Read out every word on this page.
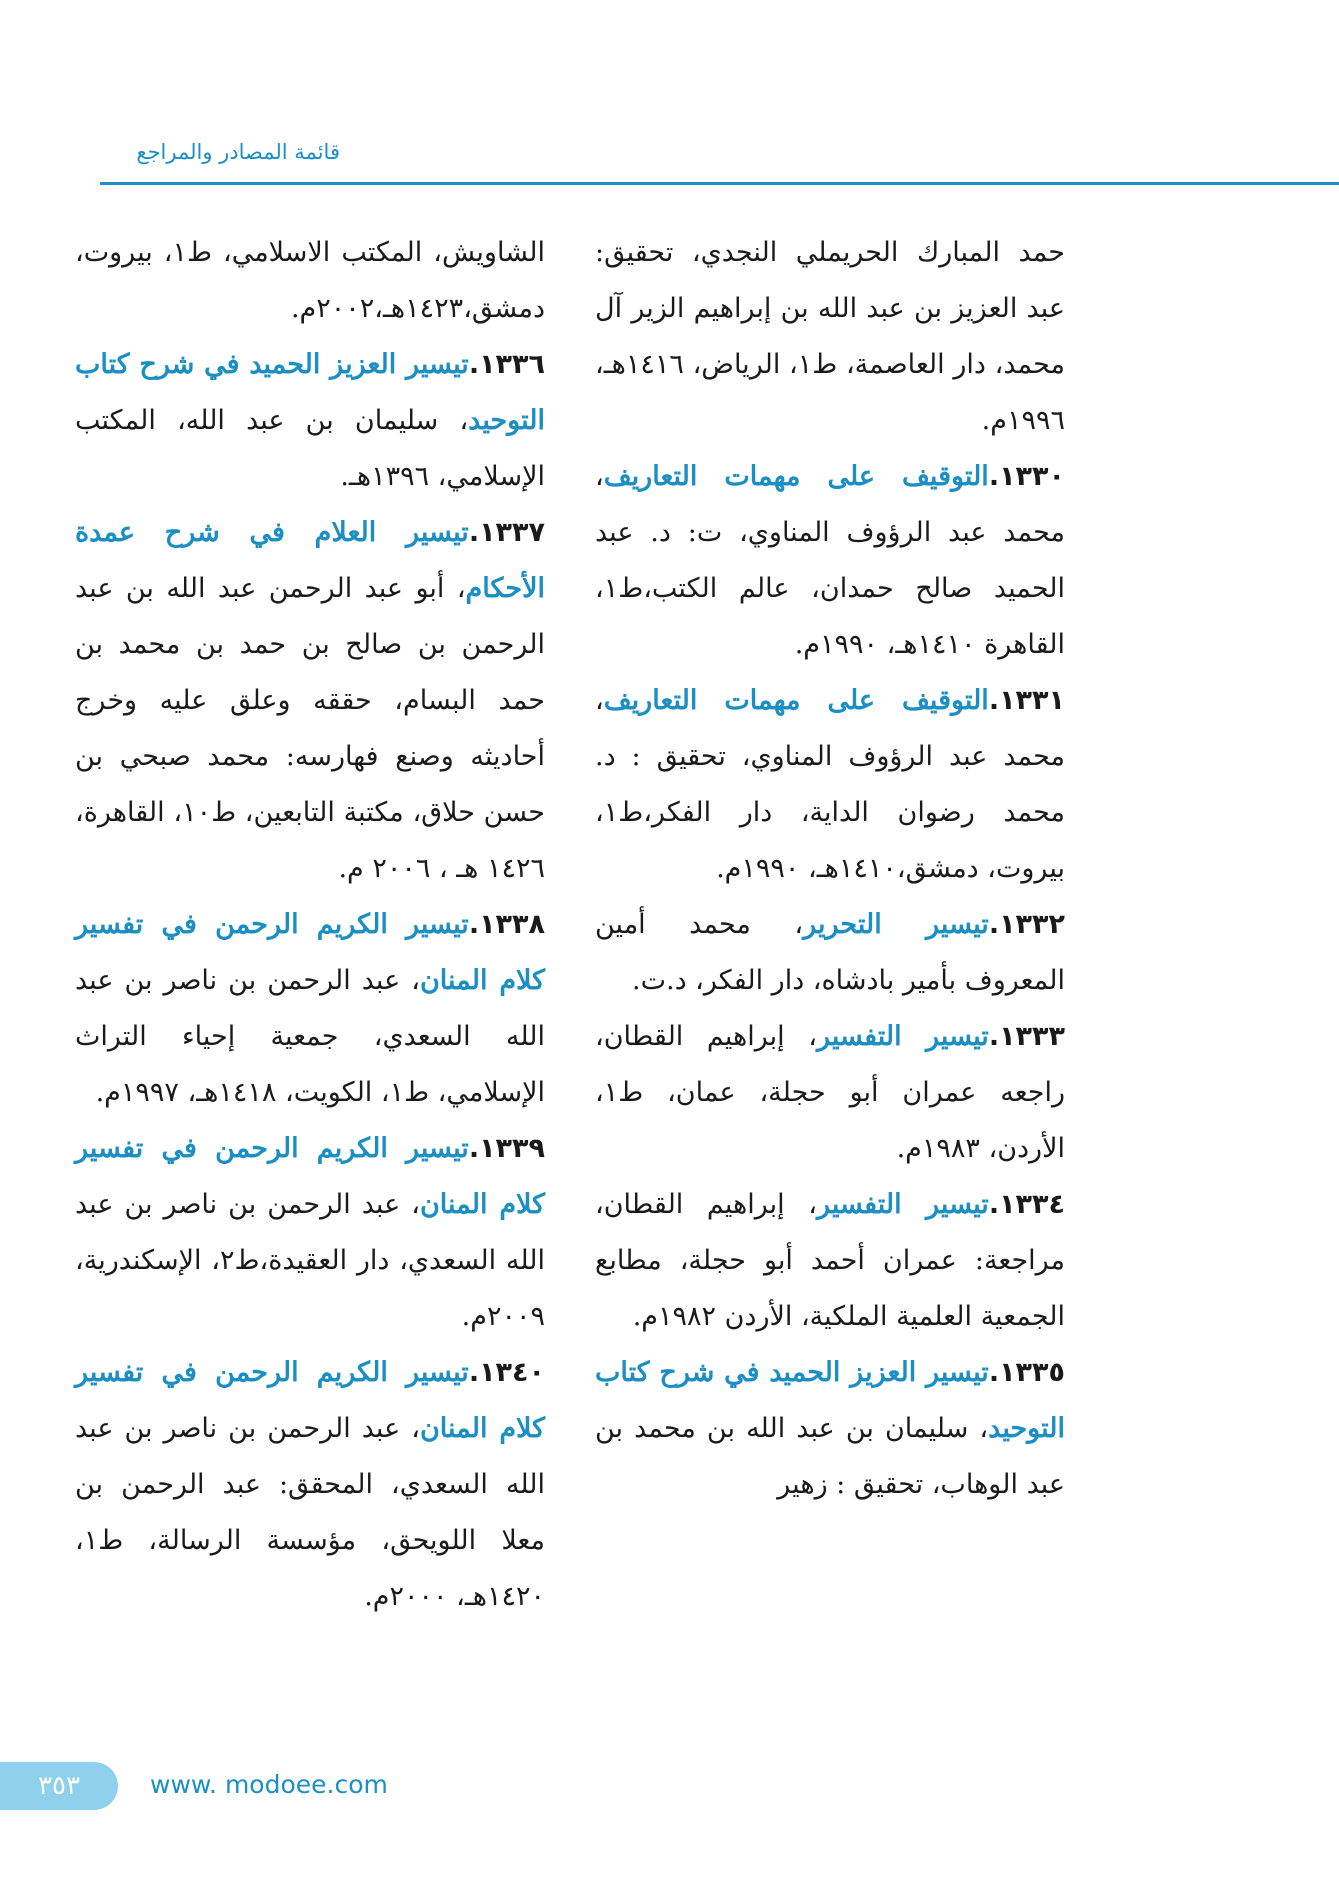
قائمة المصادر والمراجع

حمد المبارك الحريملي النجدي، تحقيق: عبد العزيز بن عبد الله بن إبراهيم الزير آل محمد، دار العاصمة، ط١، الرياض، ١٤١٦هـ، ١٩٩٦م.

١٣٣٠.التوقيف على مهمات التعاريف، محمد عبد الرؤوف المناوي، ت: د. عبد الحميد صالح حمدان، عالم الكتب،ط١، القاهرة ١٤١٠هـ، ١٩٩٠م.

١٣٣١.التوقيف على مهمات التعاريف، محمد عبد الرؤوف المناوي، تحقيق : د. محمد رضوان الداية، دار الفكر،ط١، بيروت، دمشق،١٤١٠هـ، ١٩٩٠م.

١٣٣٢.تيسير التحرير، محمد أمين المعروف بأمير بادشاه، دار الفكر، د.ت.

١٣٣٣.تيسير التفسير، إبراهيم القطان، راجعه عمران أبو حجلة، عمان، ط١، الأردن، ١٩٨٣م.

١٣٣٤.تيسير التفسير، إبراهيم القطان، مراجعة: عمران أحمد أبو حجلة، مطابع الجمعية العلمية الملكية، الأردن ١٩٨٢م.

١٣٣٥.تيسير العزيز الحميد في شرح كتاب التوحيد، سليمان بن عبد الله بن محمد بن عبد الوهاب، تحقيق : زهير

الشاويش، المكتب الاسلامي، ط١، بيروت، دمشق،١٤٢٣هـ،٢٠٠٢م.

١٣٣٦.تيسير العزيز الحميد في شرح كتاب التوحيد، سليمان بن عبد الله، المكتب الإسلامي، ١٣٩٦هـ.

١٣٣٧.تيسير العلام في شرح عمدة الأحكام، أبو عبد الرحمن عبد الله بن عبد الرحمن بن صالح بن حمد بن محمد بن حمد البسام، حققه وعلق عليه وخرج أحاديثه وصنع فهارسه: محمد صبحي بن حسن حلاق، مكتبة التابعين، ط١٠، القاهرة، ١٤٢٦ هـ ، ٢٠٠٦ م.

١٣٣٨.تيسير الكريم الرحمن في تفسير كلام المنان، عبد الرحمن بن ناصر بن عبد الله السعدي، جمعية إحياء التراث الإسلامي، ط١، الكويت، ١٤١٨هـ، ١٩٩٧م.

١٣٣٩.تيسير الكريم الرحمن في تفسير كلام المنان، عبد الرحمن بن ناصر بن عبد الله السعدي، دار العقيدة،ط٢، الإسكندرية، ٢٠٠٩م.

١٣٤٠.تيسير الكريم الرحمن في تفسير كلام المنان، عبد الرحمن بن ناصر بن عبد الله السعدي، المحقق: عبد الرحمن بن معلا اللويحق، مؤسسة الرسالة، ط١، ١٤٢٠هـ، ٢٠٠٠م.

٣٥٣	www. modoee.com
